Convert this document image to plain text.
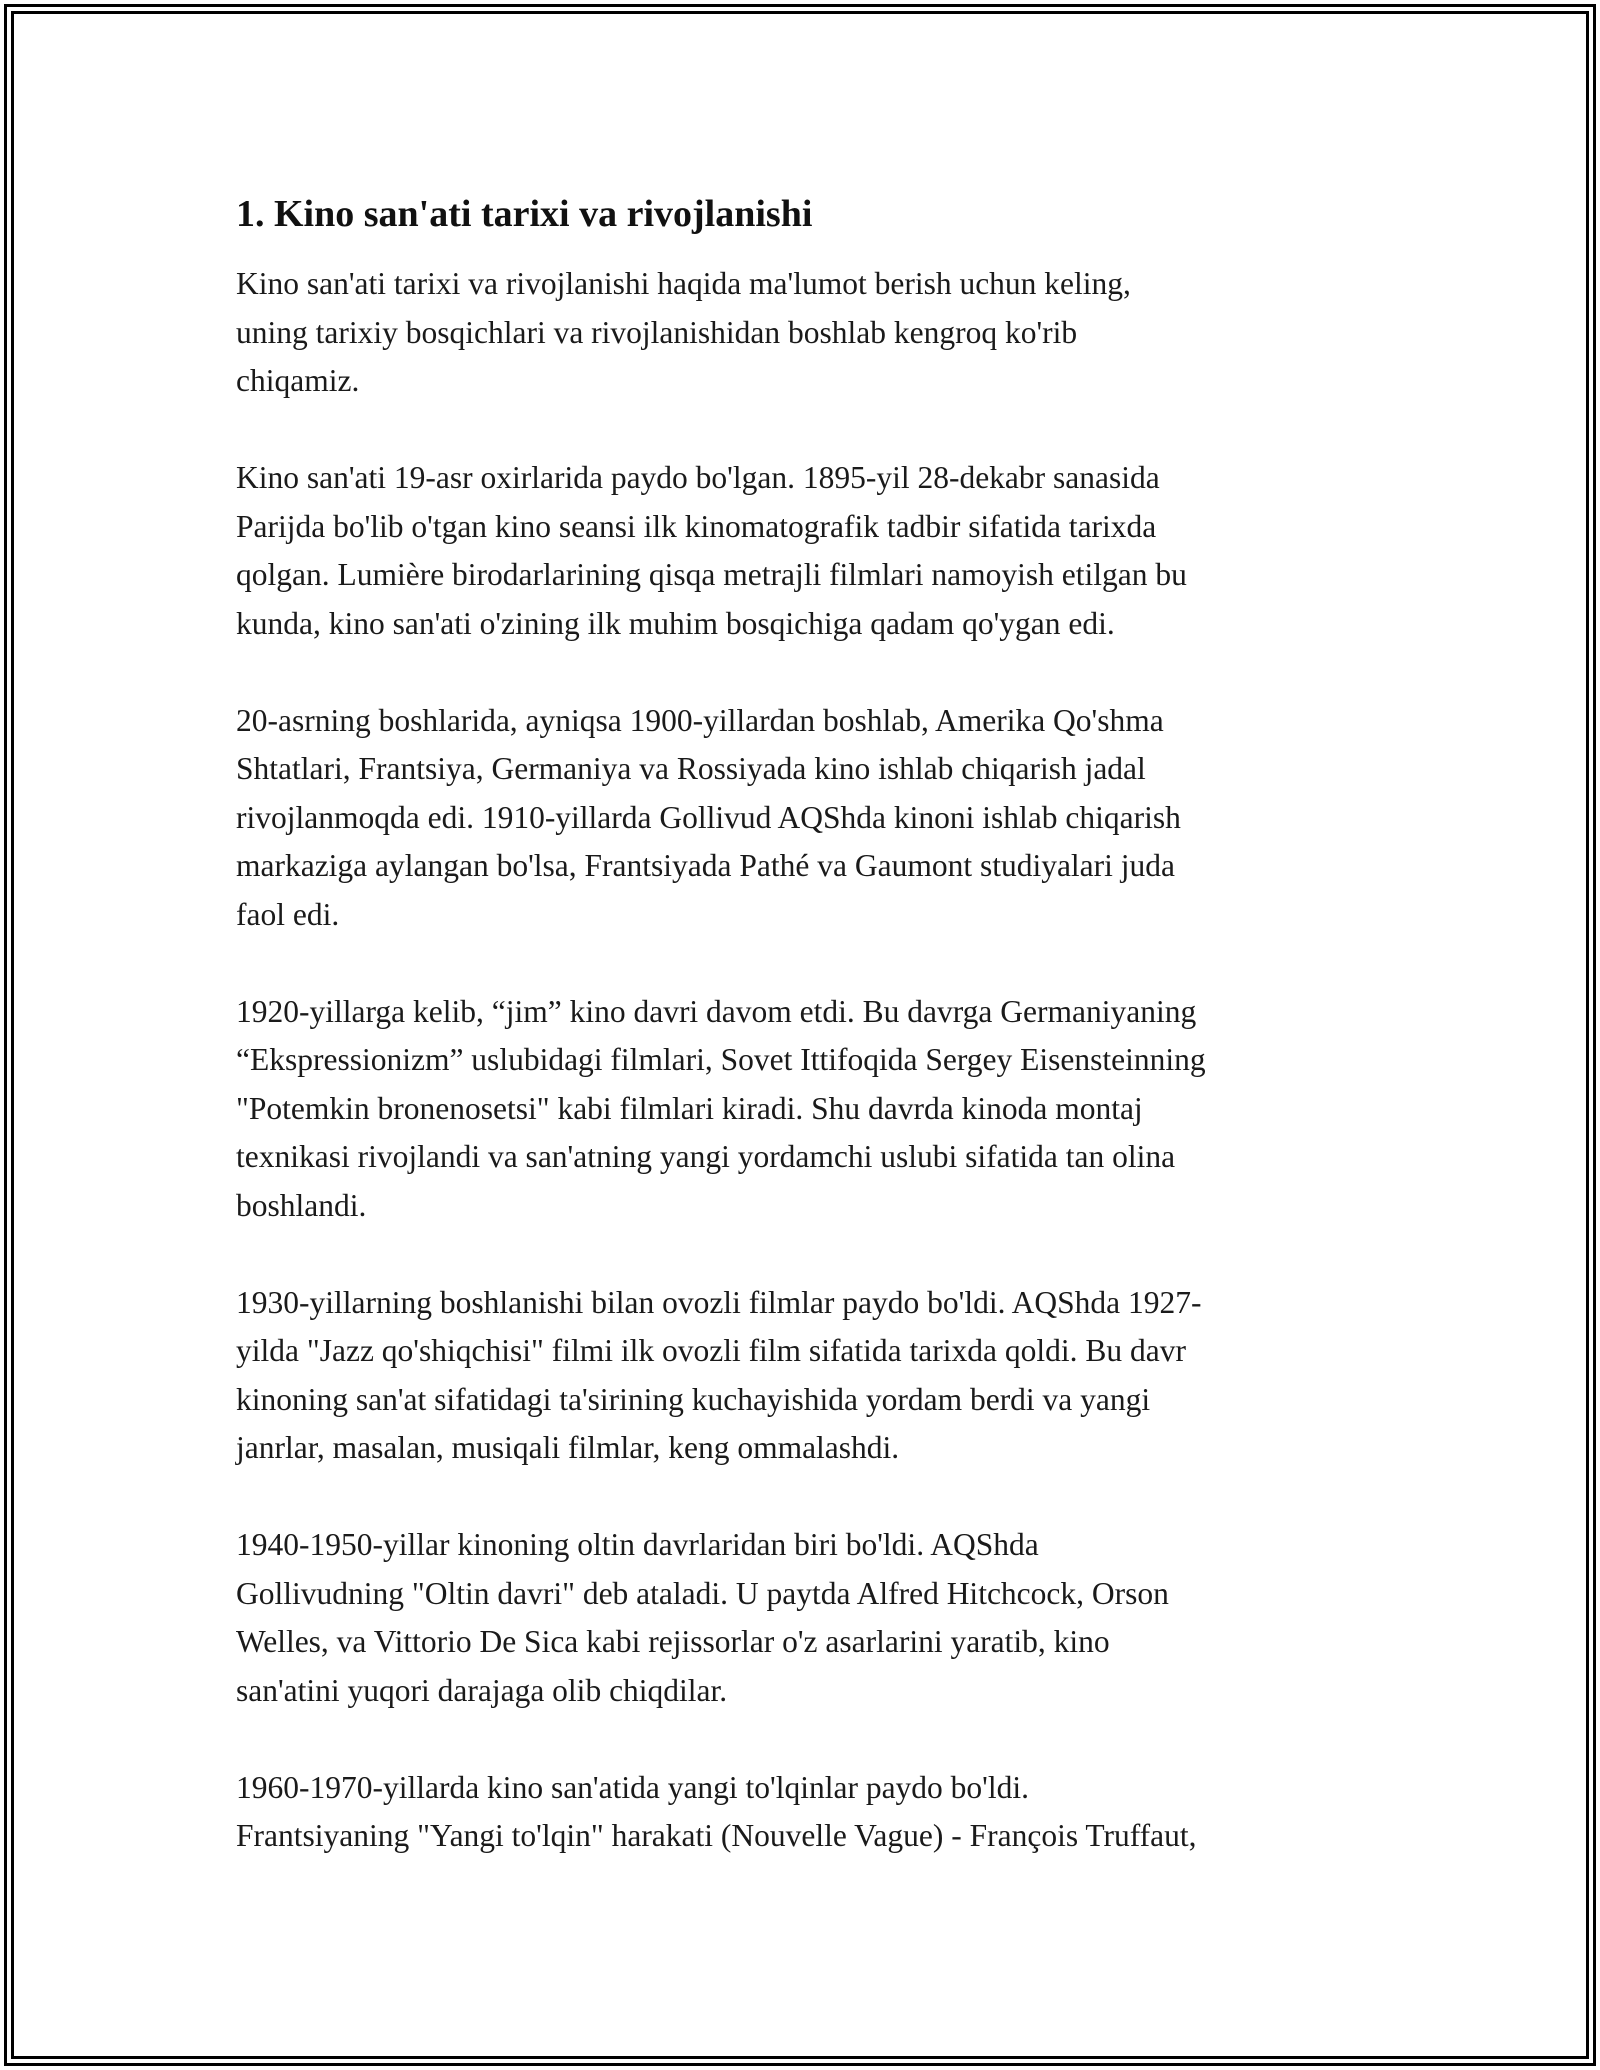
1. Kino san'ati tarixi va rivojlanishi

Kino san'ati tarixi va rivojlanishi haqida ma'lumot berish uchun keling,
uning tarixiy bosqichlari va rivojlanishidan boshlab kengroq ko'rib
chiqamiz.

Kino san'ati 19-asr oxirlarida paydo bo'lgan. 1895-yil 28-dekabr sanasida
Parijda bo'lib o'tgan kino seansi ilk kinomatografik tadbir sifatida tarixda
qolgan. Lumière birodarlarining qisqa metrajli filmlari namoyish etilgan bu
kunda, kino san'ati o'zining ilk muhim bosqichiga qadam qo'ygan edi.

20-asrning boshlarida, ayniqsa 1900-yillardan boshlab, Amerika Qo'shma
Shtatlari, Frantsiya, Germaniya va Rossiyada kino ishlab chiqarish jadal
rivojlanmoqda edi. 1910-yillarda Gollivud AQShda kinoni ishlab chiqarish
markaziga aylangan bo'lsa, Frantsiyada Pathé va Gaumont studiyalari juda
faol edi.

1920-yillarga kelib, “jim” kino davri davom etdi. Bu davrga Germaniyaning
“Ekspressionizm” uslubidagi filmlari, Sovet Ittifoqida Sergey Eisensteinning
"Potemkin bronenosetsi" kabi filmlari kiradi. Shu davrda kinoda montaj
texnikasi rivojlandi va san'atning yangi yordamchi uslubi sifatida tan olina
boshlandi.

1930-yillarning boshlanishi bilan ovozli filmlar paydo bo'ldi. AQShda 1927-
yilda "Jazz qo'shiqchisi" filmi ilk ovozli film sifatida tarixda qoldi. Bu davr
kinoning san'at sifatidagi ta'sirining kuchayishida yordam berdi va yangi
janrlar, masalan, musiqali filmlar, keng ommalashdi.

1940-1950-yillar kinoning oltin davrlaridan biri bo'ldi. AQShda
Gollivudning "Oltin davri" deb ataladi. U paytda Alfred Hitchcock, Orson
Welles, va Vittorio De Sica kabi rejissorlar o'z asarlarini yaratib, kino
san'atini yuqori darajaga olib chiqdilar.

1960-1970-yillarda kino san'atida yangi to'lqinlar paydo bo'ldi.
Frantsiyaning "Yangi to'lqin" harakati (Nouvelle Vague) - François Truffaut,
